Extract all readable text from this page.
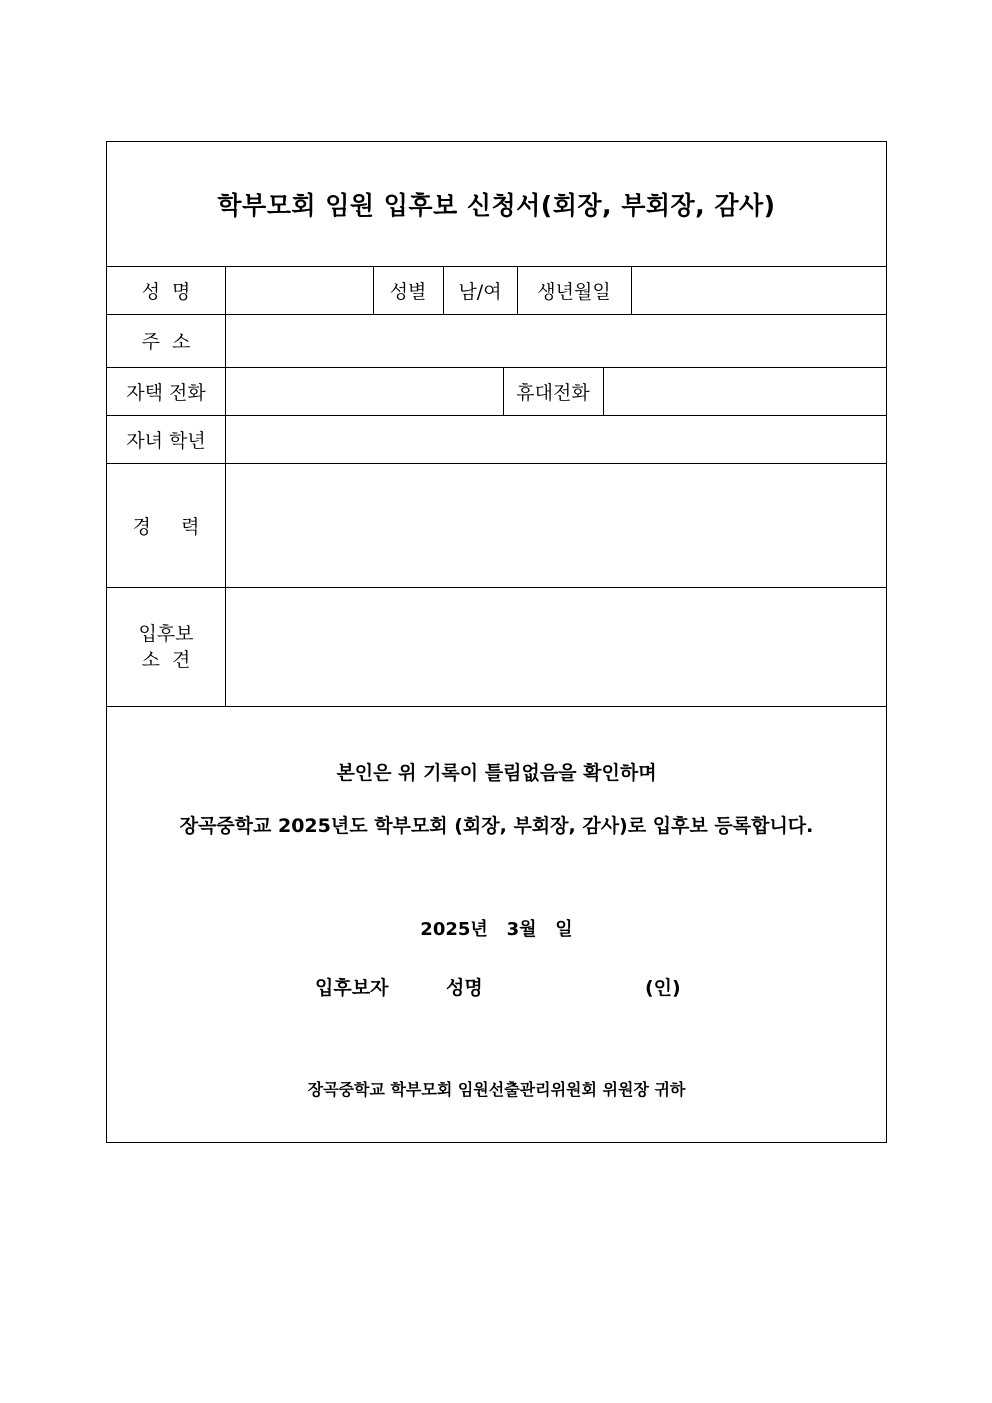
학부모회 임원 입후보 신청서(회장, 부회장, 감사)
성  명	성별	남/여	생년월일
주  소
자택 전화	휴대전화
자녀 학년
경     력
입후보
소  견
본인은 위 기록이 틀림없음을 확인하며
장곡중학교 2025년도 학부모회 (회장, 부회장, 감사)로 입후보 등록합니다.
2025년   3월   일
입후보자	성명	(인)
장곡중학교 학부모회 임원선출관리위원회 위원장 귀하
